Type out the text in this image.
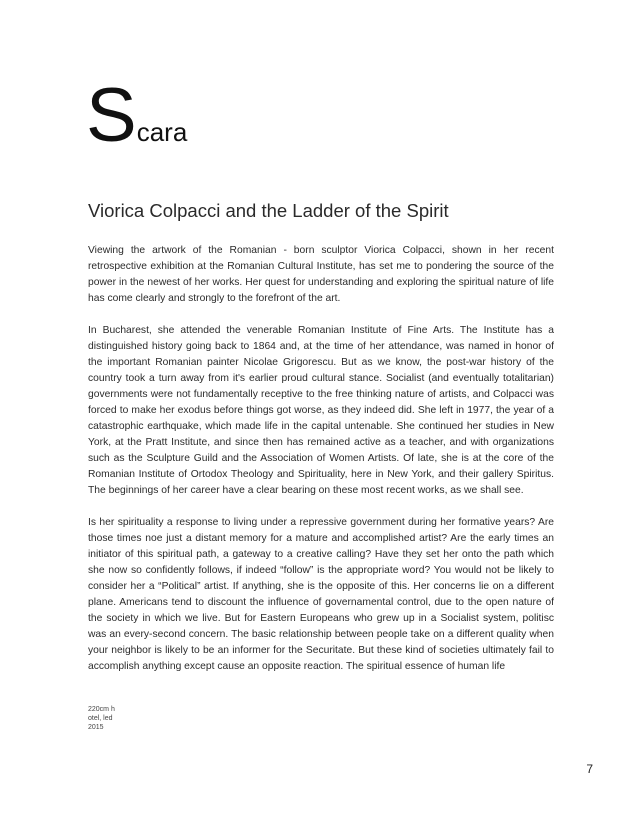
Scara
Viorica Colpacci and the Ladder of the Spirit

Viewing the artwork of the Romanian - born sculptor Viorica Colpacci, shown in her recent retrospective exhibition at the Romanian Cultural Institute, has set me to pondering the source of the power in the newest of her works. Her quest for understanding and exploring the spiritual nature of life has come clearly and strongly to the forefront of the art.

In Bucharest, she attended the venerable Romanian Institute of Fine Arts. The Institute has a distinguished history going back to 1864 and, at the time of her attendance, was named in honor of the important Romanian painter Nicolae Grigorescu. But as we know, the post-war history of the country took a turn away from it's earlier proud cultural stance. Socialist (and eventually totalitarian) governments were not fundamentally receptive to the free thinking nature of artists, and Colpacci was forced to make her exodus before things got worse, as they indeed did. She left in 1977, the year of a catastrophic earthquake, which made life in the capital untenable. She continued her studies in New York, at the Pratt Institute, and since then has remained active as a teacher, and with organizations such as the Sculpture Guild and the Association of Women Artists. Of late, she is at the core of the Romanian Institute of Ortodox Theology and Spirituality, here in New York, and their gallery Spiritus. The beginnings of her career have a clear bearing on these most recent works, as we shall see.

Is her spirituality a response to living under a repressive government during her formative years? Are those times noe just a distant memory for a mature and accomplished artist? Are the early times an initiator of this spiritual path, a gateway to a creative calling? Have they set her onto the path which she now so confidently follows, if indeed “follow” is the appropriate word? You would not be likely to consider her a “Political” artist. If anything, she is the opposite of this. Her concerns lie on a different plane. Americans tend to discount the influence of governamental control, due to the open nature of the society in which we live. But for Eastern Europeans who grew up in a Socialist system, politisc was an every-second concern. The basic relationship between people take on a different quality when your neighbor is likely to be an informer for the Securitate. But these kind of societies ultimately fail to accomplish anything except cause an opposite reaction. The spiritual essence of human life

220cm h
otel, led
2015
7
